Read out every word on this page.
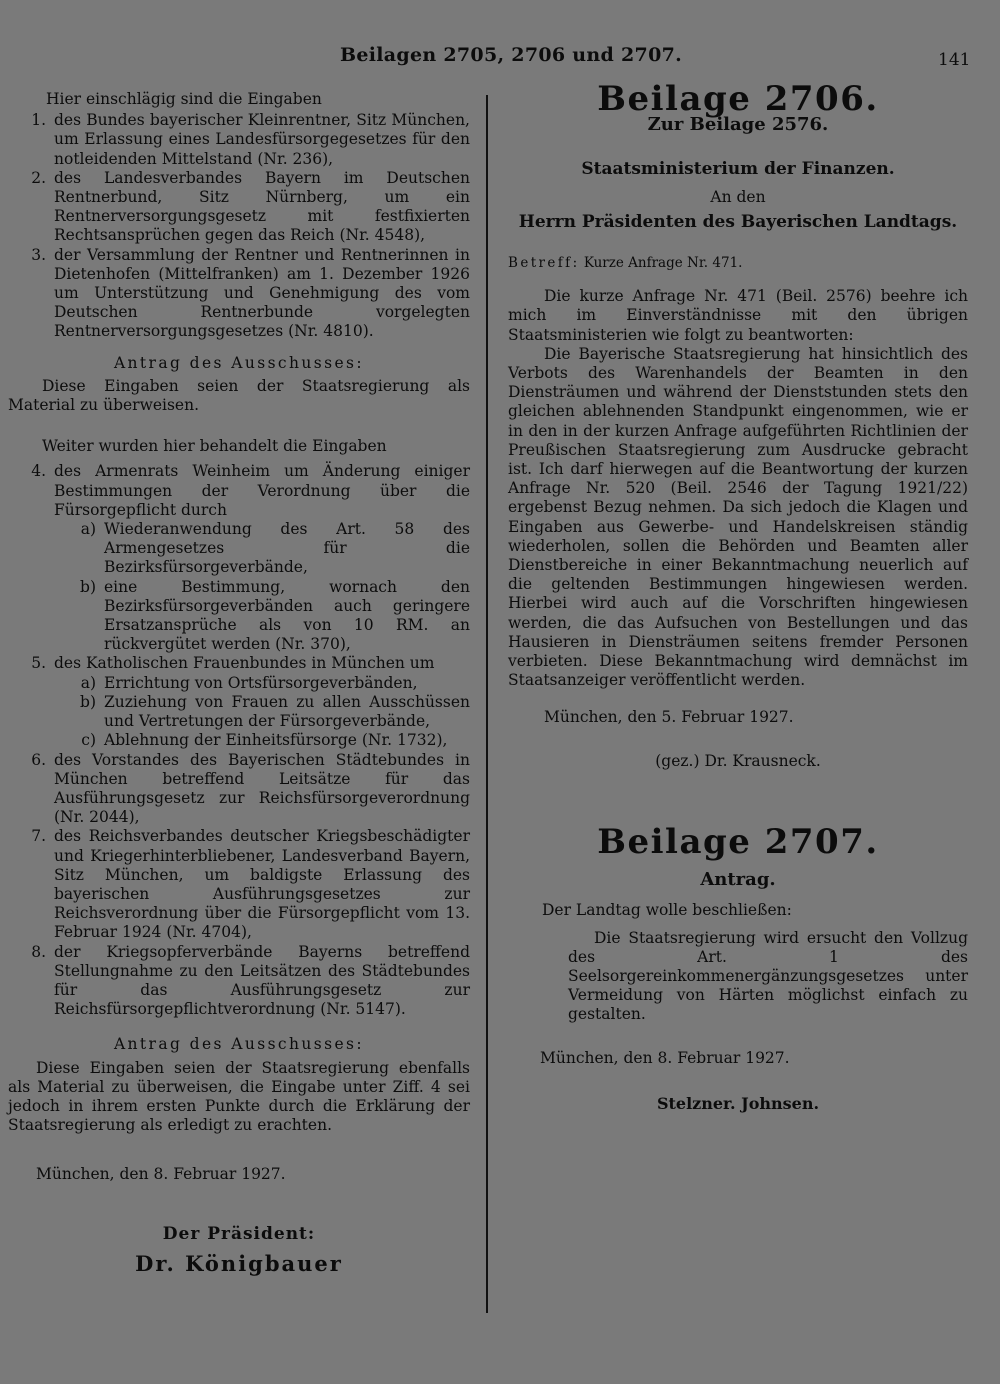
Beilagen 2705, 2706 und 2707.	141

Hier einschlägig sind die Eingaben

1. des Bundes bayerischer Kleinrentner, Sitz München, um Erlassung eines Landesfürsorgegesetzes für den notleidenden Mittelstand (Nr. 236),
2. des Landesverbandes Bayern im Deutschen Rentnerbund, Sitz Nürnberg, um ein Rentnerversorgungsgesetz mit festfixierten Rechtsansprüchen gegen das Reich (Nr. 4548),
3. der Versammlung der Rentner und Rentnerinnen in Dietenhofen (Mittelfranken) am 1. Dezember 1926 um Unterstützung und Genehmigung des vom Deutschen Rentnerbunde vorgelegten Rentnerversorgungsgesetzes (Nr. 4810).

Antrag des Ausschusses:

Diese Eingaben seien der Staatsregierung als Material zu überweisen.

Weiter wurden hier behandelt die Eingaben

4. des Armenrats Weinheim um Änderung einiger Bestimmungen der Verordnung über die Fürsorgepflicht durch
a) Wiederanwendung des Art. 58 des Armengesetzes für die Bezirksfürsorgeverbände,
b) eine Bestimmung, wornach den Bezirksfürsorgeverbänden auch geringere Ersatzansprüche als von 10 RM. an rückvergütet werden (Nr. 370),
5. des Katholischen Frauenbundes in München um
a) Errichtung von Ortsfürsorgeverbänden,
b) Zuziehung von Frauen zu allen Ausschüssen und Vertretungen der Fürsorgeverbände,
c) Ablehnung der Einheitsfürsorge (Nr. 1732),
6. des Vorstandes des Bayerischen Städtebundes in München betreffend Leitsätze für das Ausführungsgesetz zur Reichsfürsorgeverordnung (Nr. 2044),
7. des Reichsverbandes deutscher Kriegsbeschädigter und Kriegerhinterbliebener, Landesverband Bayern, Sitz München, um baldigste Erlassung des bayerischen Ausführungsgesetzes zur Reichsverordnung über die Fürsorgepflicht vom 13. Februar 1924 (Nr. 4704),
8. der Kriegsopferverbände Bayerns betreffend Stellungnahme zu den Leitsätzen des Städtebundes für das Ausführungsgesetz zur Reichsfürsorgepflichtverordnung (Nr. 5147).

Antrag des Ausschusses:

Diese Eingaben seien der Staatsregierung ebenfalls als Material zu überweisen, die Eingabe unter Ziff. 4 sei jedoch in ihrem ersten Punkte durch die Erklärung der Staatsregierung als erledigt zu erachten.

München, den 8. Februar 1927.

Der Präsident:

Dr. Königbauer

Beilage 2706.

Zur Beilage 2576.

Staatsministerium der Finanzen.

An den

Herrn Präsidenten des Bayerischen Landtags.

Betreff: Kurze Anfrage Nr. 471.

Die kurze Anfrage Nr. 471 (Beil. 2576) beehre ich mich im Einverständnisse mit den übrigen Staatsministerien wie folgt zu beantworten:

Die Bayerische Staatsregierung hat hinsichtlich des Verbots des Warenhandels der Beamten in den Diensträumen und während der Dienststunden stets den gleichen ablehnenden Standpunkt eingenommen, wie er in den in der kurzen Anfrage aufgeführten Richtlinien der Preußischen Staatsregierung zum Ausdrucke gebracht ist. Ich darf hierwegen auf die Beantwortung der kurzen Anfrage Nr. 520 (Beil. 2546 der Tagung 1921/22) ergebenst Bezug nehmen. Da sich jedoch die Klagen und Eingaben aus Gewerbe- und Handelskreisen ständig wiederholen, sollen die Behörden und Beamten aller Dienstbereiche in einer Bekanntmachung neuerlich auf die geltenden Bestimmungen hingewiesen werden. Hierbei wird auch auf die Vorschriften hingewiesen werden, die das Aufsuchen von Bestellungen und das Hausieren in Diensträumen seitens fremder Personen verbieten. Diese Bekanntmachung wird demnächst im Staatsanzeiger veröffentlicht werden.

München, den 5. Februar 1927.

(gez.) Dr. Krausneck.

Beilage 2707.

Antrag.

Der Landtag wolle beschließen:

Die Staatsregierung wird ersucht den Vollzug des Art. 1 des Seelsorgereinkommenergänzungsgesetzes unter Vermeidung von Härten möglichst einfach zu gestalten.

München, den 8. Februar 1927.

Stelzner. Johnsen.
